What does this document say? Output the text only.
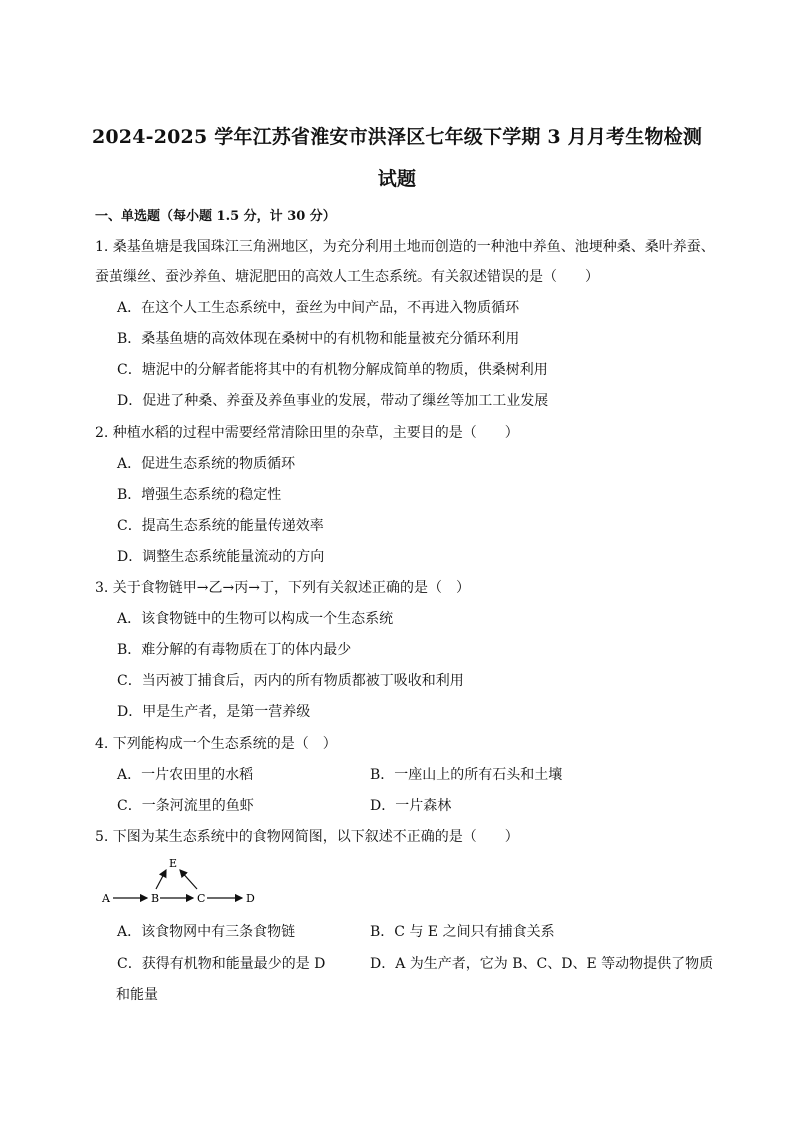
2024-2025 学年江苏省淮安市洪泽区七年级下学期 3 月月考生物检测
试题
一、单选题（每小题 1.5 分，计 30 分）
1. 桑基鱼塘是我国珠江三角洲地区，为充分利用土地而创造的一种池中养鱼、池埂种桑、桑叶养蚕、
蚕茧缫丝、蚕沙养鱼、塘泥肥田的高效人工生态系统。有关叙述错误的是（　　）
A．在这个人工生态系统中，蚕丝为中间产品，不再进入物质循环
B．桑基鱼塘的高效体现在桑树中的有机物和能量被充分循环利用
C．塘泥中的分解者能将其中的有机物分解成简单的物质，供桑树利用
D．促进了种桑、养蚕及养鱼事业的发展，带动了缫丝等加工工业发展
2. 种植水稻的过程中需要经常清除田里的杂草，主要目的是（　　）
A．促进生态系统的物质循环
B．增强生态系统的稳定性
C．提高生态系统的能量传递效率
D．调整生态系统能量流动的方向
3. 关于食物链甲→乙→丙→丁，下列有关叙述正确的是（　）
A．该食物链中的生物可以构成一个生态系统
B．难分解的有毒物质在丁的体内最少
C．当丙被丁捕食后，丙内的所有物质都被丁吸收和利用
D．甲是生产者，是第一营养级
4. 下列能构成一个生态系统的是（　）
A．一片农田里的水稻	B．一座山上的所有石头和土壤
C．一条河流里的鱼虾	D．一片森林
5. 下图为某生态系统中的食物网简图，以下叙述不正确的是（　　）
A	B	C	D
E
A．该食物网中有三条食物链	B．C 与 E 之间只有捕食关系
C．获得有机物和能量最少的是 D	D．A 为生产者，它为 B、C、D、E 等动物提供了物质
和能量
